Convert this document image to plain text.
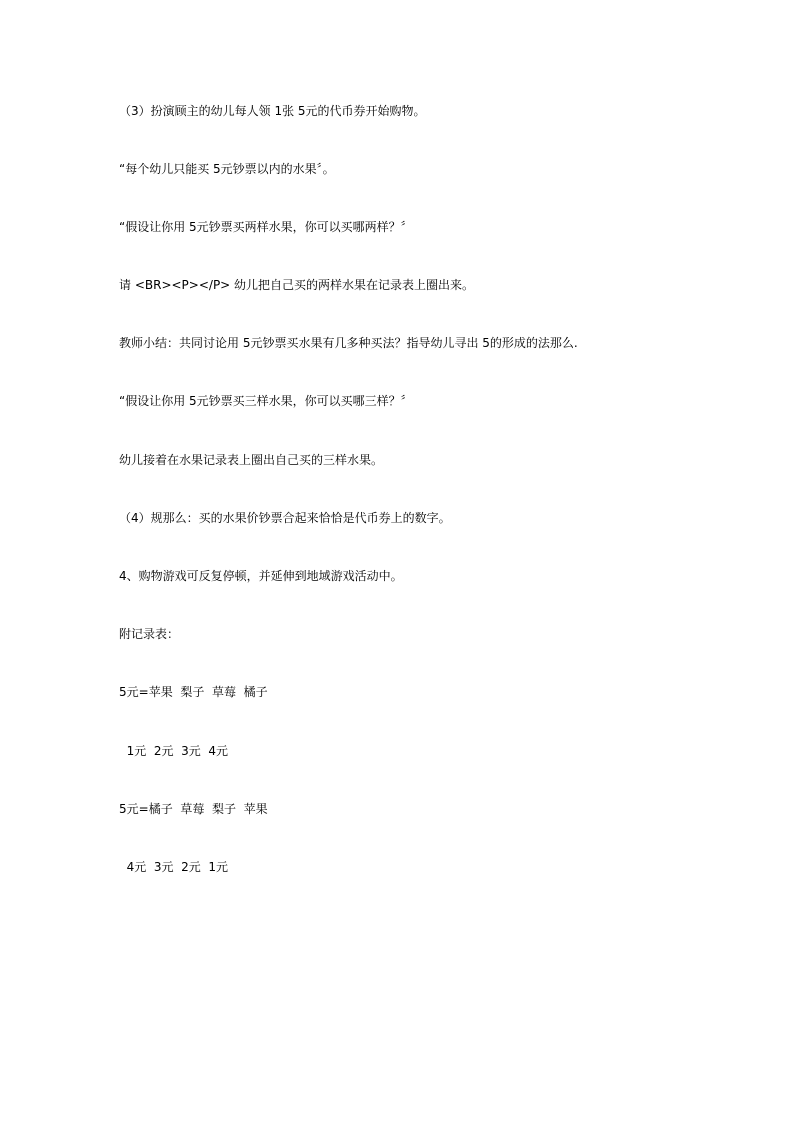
（3）扮演顾主的幼儿每人领 1张 5元的代币券开始购物。
“每个幼儿只能买 5元钞票以内的水果〞。
“假设让你用 5元钞票买两样水果，你可以买哪两样？〞
请 <BR><P></P> 幼儿把自己买的两样水果在记录表上圈出来。
教师小结：共同讨论用 5元钞票买水果有几多种买法？指导幼儿寻出 5的形成的法那么.
“假设让你用 5元钞票买三样水果，你可以买哪三样？〞
幼儿接着在水果记录表上圈出自己买的三样水果。
（4）规那么：买的水果价钞票合起来恰恰是代币券上的数字。
4、购物游戏可反复停顿，并延伸到地域游戏活动中。
附记录表：
5元=苹果  梨子  草莓  橘子
1元  2元  3元  4元
5元=橘子  草莓  梨子  苹果
4元  3元  2元  1元
